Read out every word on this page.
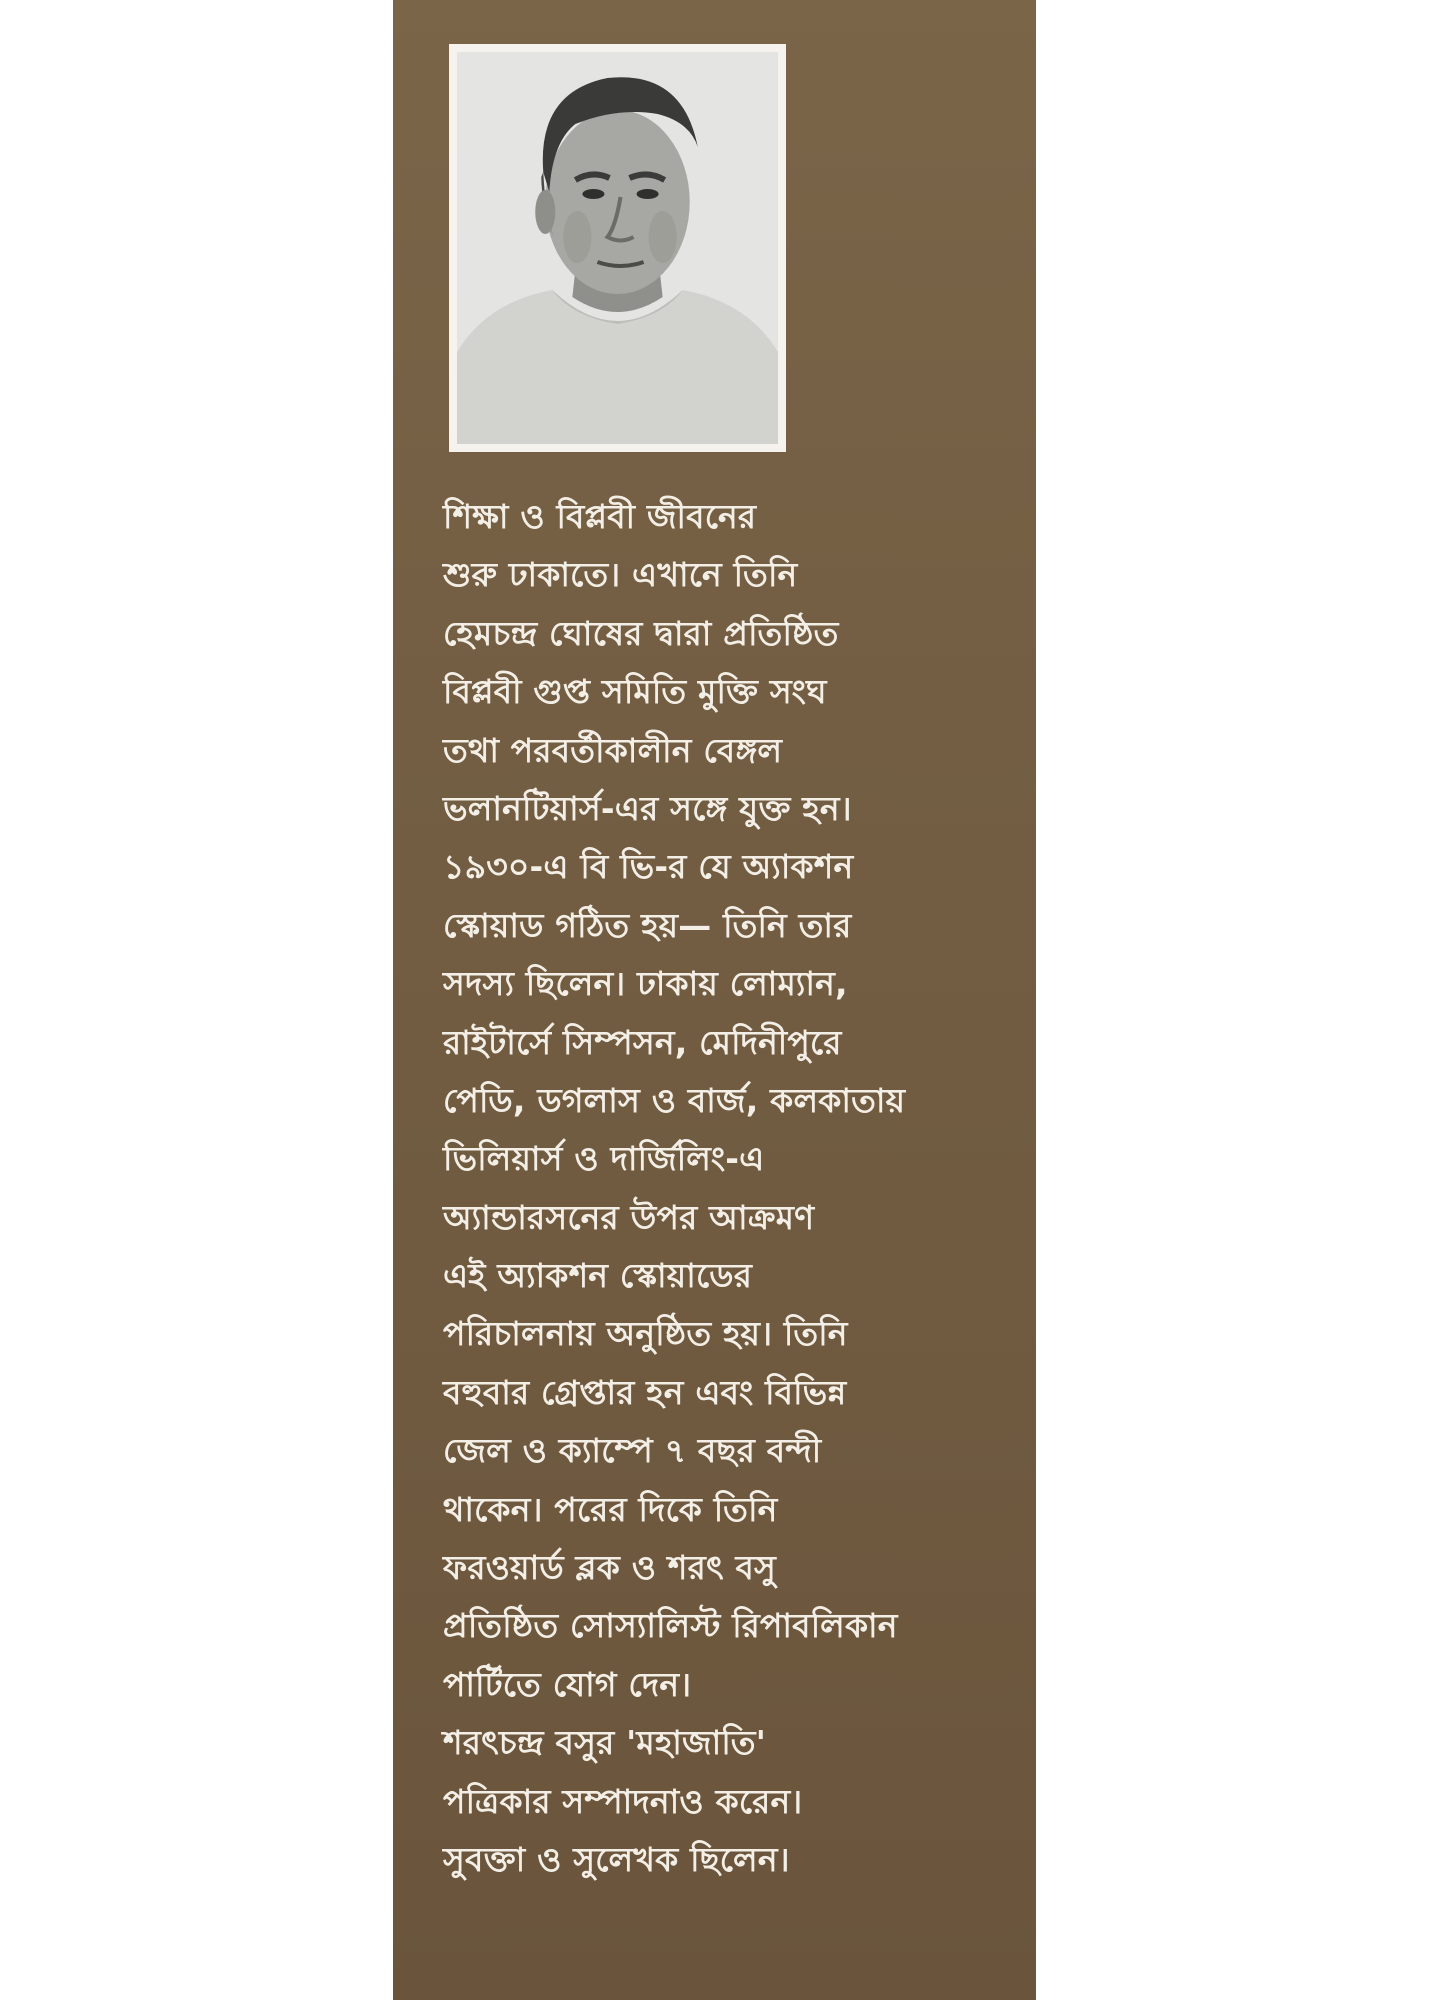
শিক্ষা ও বিপ্লবী জীবনের
শুরু ঢাকাতে। এখানে তিনি
হেমচন্দ্র ঘোষের দ্বারা প্রতিষ্ঠিত
বিপ্লবী গুপ্ত সমিতি মুক্তি সংঘ
তথা পরবর্তীকালীন বেঙ্গল
ভলানটিয়ার্স-এর সঙ্গে যুক্ত হন।
১৯৩০-এ বি ভি-র যে অ্যাকশন
স্কোয়াড গঠিত হয়— তিনি তার
সদস্য ছিলেন। ঢাকায় লোম্যান,
রাইটার্সে সিম্পসন, মেদিনীপুরে
পেডি, ডগলাস ও বার্জ, কলকাতায়
ভিলিয়ার্স ও দার্জিলিং-এ
অ্যান্ডারসনের উপর আক্রমণ
এই অ্যাকশন স্কোয়াডের
পরিচালনায় অনুষ্ঠিত হয়। তিনি
বহুবার গ্রেপ্তার হন এবং বিভিন্ন
জেল ও ক্যাম্পে ৭ বছর বন্দী
থাকেন। পরের দিকে তিনি
ফরওয়ার্ড ব্লক ও শরৎ বসু
প্রতিষ্ঠিত সোস্যালিস্ট রিপাবলিকান
পার্টিতে যোগ দেন।
শরৎচন্দ্র বসুর 'মহাজাতি'
পত্রিকার সম্পাদনাও করেন।
সুবক্তা ও সুলেখক ছিলেন।
